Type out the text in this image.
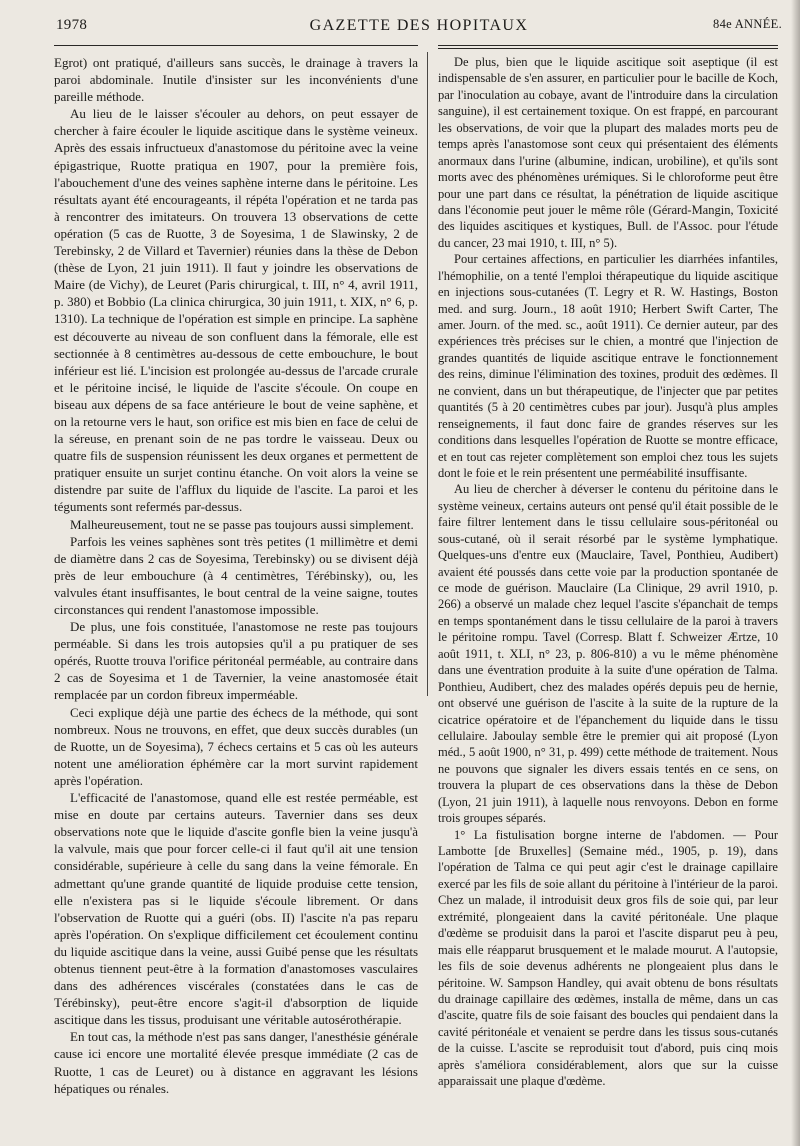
1978	GAZETTE DES HOPITAUX	84e ANNÉE.

Egrot) ont pratiqué, d'ailleurs sans succès, le drainage à travers la paroi abdominale. Inutile d'insister sur les inconvénients d'une pareille méthode.

Au lieu de le laisser s'écouler au dehors, on peut essayer de chercher à faire écouler le liquide ascitique dans le système veineux. Après des essais infructueux d'anastomose du péritoine avec la veine épigastrique, Ruotte pratiqua en 1907, pour la première fois, l'abouchement d'une des veines saphène interne dans le péritoine. Les résultats ayant été encourageants, il répéta l'opération et ne tarda pas à rencontrer des imitateurs. On trouvera 13 observations de cette opération (5 cas de Ruotte, 3 de Soyesima, 1 de Slawinsky, 2 de Terebinsky, 2 de Villard et Tavernier) réunies dans la thèse de Debon (thèse de Lyon, 21 juin 1911). Il faut y joindre les observations de Maire (de Vichy), de Leuret (Paris chirurgical, t. III, n° 4, avril 1911, p. 380) et Bobbio (La clinica chirurgica, 30 juin 1911, t. XIX, n° 6, p. 1310). La technique de l'opération est simple en principe. La saphène est découverte au niveau de son confluent dans la fémorale, elle est sectionnée à 8 centimètres au-dessous de cette embouchure, le bout inférieur est lié. L'incision est prolongée au-dessus de l'arcade crurale et le péritoine incisé, le liquide de l'ascite s'écoule. On coupe en biseau aux dépens de sa face antérieure le bout de veine saphène, et on la retourne vers le haut, son orifice est mis bien en face de celui de la séreuse, en prenant soin de ne pas tordre le vaisseau. Deux ou quatre fils de suspension réunissent les deux organes et permettent de pratiquer ensuite un surjet continu étanche. On voit alors la veine se distendre par suite de l'afflux du liquide de l'ascite. La paroi et les téguments sont refermés par-dessus.

Malheureusement, tout ne se passe pas toujours aussi simplement.

Parfois les veines saphènes sont très petites (1 millimètre et demi de diamètre dans 2 cas de Soyesima, Terebinsky) ou se divisent déjà près de leur embouchure (à 4 centimètres, Térébinsky), ou, les valvules étant insuffisantes, le bout central de la veine saigne, toutes circonstances qui rendent l'anastomose impossible.

De plus, une fois constituée, l'anastomose ne reste pas toujours perméable. Si dans les trois autopsies qu'il a pu pratiquer de ses opérés, Ruotte trouva l'orifice péritonéal perméable, au contraire dans 2 cas de Soyesima et 1 de Tavernier, la veine anastomosée était remplacée par un cordon fibreux imperméable.

Ceci explique déjà une partie des échecs de la méthode, qui sont nombreux. Nous ne trouvons, en effet, que deux succès durables (un de Ruotte, un de Soyesima), 7 échecs certains et 5 cas où les auteurs notent une amélioration éphémère car la mort survint rapidement après l'opération.

L'efficacité de l'anastomose, quand elle est restée perméable, est mise en doute par certains auteurs. Tavernier dans ses deux observations note que le liquide d'ascite gonfle bien la veine jusqu'à la valvule, mais que pour forcer celle-ci il faut qu'il ait une tension considérable, supérieure à celle du sang dans la veine fémorale. En admettant qu'une grande quantité de liquide produise cette tension, elle n'existera pas si le liquide s'écoule librement. Or dans l'observation de Ruotte qui a guéri (obs. II) l'ascite n'a pas reparu après l'opération. On s'explique difficilement cet écoulement continu du liquide ascitique dans la veine, aussi Guibé pense que les résultats obtenus tiennent peut-être à la formation d'anastomoses vasculaires dans des adhérences viscérales (constatées dans le cas de Térébinsky), peut-être encore s'agit-il d'absorption de liquide ascitique dans les tissus, produisant une véritable autosérothérapie.

En tout cas, la méthode n'est pas sans danger, l'anesthésie générale cause ici encore une mortalité élevée presque immédiate (2 cas de Ruotte, 1 cas de Leuret) ou à distance en aggravant les lésions hépatiques ou rénales.

De plus, bien que le liquide ascitique soit aseptique (il est indispensable de s'en assurer, en particulier pour le bacille de Koch, par l'inoculation au cobaye, avant de l'introduire dans la circulation sanguine), il est certainement toxique. On est frappé, en parcourant les observations, de voir que la plupart des malades morts peu de temps après l'anastomose sont ceux qui présentaient des éléments anormaux dans l'urine (albumine, indican, urobiline), et qu'ils sont morts avec des phénomènes urémiques. Si le chloroforme peut être pour une part dans ce résultat, la pénétration de liquide ascitique dans l'économie peut jouer le même rôle (Gérard-Mangin, Toxicité des liquides ascitiques et kystiques, Bull. de l'Assoc. pour l'étude du cancer, 23 mai 1910, t. III, n° 5).

Pour certaines affections, en particulier les diarrhées infantiles, l'hémophilie, on a tenté l'emploi thérapeutique du liquide ascitique en injections sous-cutanées (T. Legry et R. W. Hastings, Boston med. and surg. Journ., 18 août 1910; Herbert Swift Carter, The amer. Journ. of the med. sc., août 1911). Ce dernier auteur, par des expériences très précises sur le chien, a montré que l'injection de grandes quantités de liquide ascitique entrave le fonctionnement des reins, diminue l'élimination des toxines, produit des œdèmes. Il ne convient, dans un but thérapeutique, de l'injecter que par petites quantités (5 à 20 centimètres cubes par jour). Jusqu'à plus amples renseignements, il faut donc faire de grandes réserves sur les conditions dans lesquelles l'opération de Ruotte se montre efficace, et en tout cas rejeter complètement son emploi chez tous les sujets dont le foie et le rein présentent une perméabilité insuffisante.

Au lieu de chercher à déverser le contenu du péritoine dans le système veineux, certains auteurs ont pensé qu'il était possible de le faire filtrer lentement dans le tissu cellulaire sous-péritonéal ou sous-cutané, où il serait résorbé par le système lymphatique. Quelques-uns d'entre eux (Mauclaire, Tavel, Ponthieu, Audibert) avaient été poussés dans cette voie par la production spontanée de ce mode de guérison. Mauclaire (La Clinique, 29 avril 1910, p. 266) a observé un malade chez lequel l'ascite s'épanchait de temps en temps spontanément dans le tissu cellulaire de la paroi à travers le péritoine rompu. Tavel (Corresp. Blatt f. Schweizer Ærtze, 10 août 1911, t. XLI, n° 23, p. 806-810) a vu le même phénomène dans une éventration produite à la suite d'une opération de Talma. Ponthieu, Audibert, chez des malades opérés depuis peu de hernie, ont observé une guérison de l'ascite à la suite de la rupture de la cicatrice opératoire et de l'épanchement du liquide dans le tissu cellulaire. Jaboulay semble être le premier qui ait proposé (Lyon méd., 5 août 1900, n° 31, p. 499) cette méthode de traitement. Nous ne pouvons que signaler les divers essais tentés en ce sens, on trouvera la plupart de ces observations dans la thèse de Debon (Lyon, 21 juin 1911), à laquelle nous renvoyons. Debon en forme trois groupes séparés.

1° La fistulisation borgne interne de l'abdomen. — Pour Lambotte [de Bruxelles] (Semaine méd., 1905, p. 19), dans l'opération de Talma ce qui peut agir c'est le drainage capillaire exercé par les fils de soie allant du péritoine à l'intérieur de la paroi. Chez un malade, il introduisit deux gros fils de soie qui, par leur extrémité, plongeaient dans la cavité péritonéale. Une plaque d'œdème se produisit dans la paroi et l'ascite disparut peu à peu, mais elle réapparut brusquement et le malade mourut. A l'autopsie, les fils de soie devenus adhérents ne plongeaient plus dans le péritoine. W. Sampson Handley, qui avait obtenu de bons résultats du drainage capillaire des œdèmes, installa de même, dans un cas d'ascite, quatre fils de soie faisant des boucles qui pendaient dans la cavité péritonéale et venaient se perdre dans les tissus sous-cutanés de la cuisse. L'ascite se reproduisit tout d'abord, puis cinq mois après s'améliora considérablement, alors que sur la cuisse apparaissait une plaque d'œdème.
